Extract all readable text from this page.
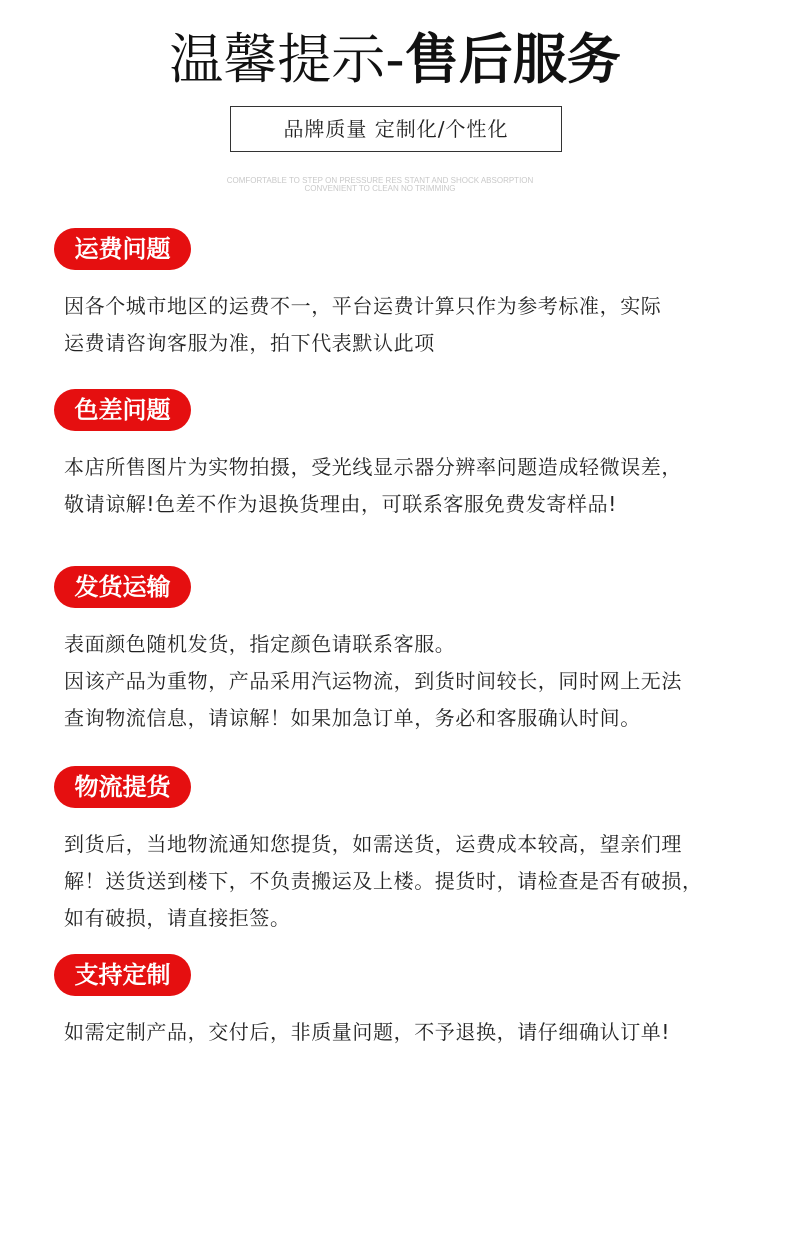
温馨提示-售后服务
品牌质量 定制化/个性化
COMFORTABLE TO STEP ON PRESSURE RES STANT AND SHOCK ABSORPTION
CONVENIENT TO CLEAN NO TRIMMING
运费问题
因各个城市地区的运费不一，平台运费计算只作为参考标准，实际
运费请咨询客服为准，拍下代表默认此项
色差问题
本店所售图片为实物拍摄，受光线显示器分辨率问题造成轻微误差，
敬请谅解!色差不作为退换货理由，可联系客服免费发寄样品!
发货运输
表面颜色随机发货，指定颜色请联系客服。
因该产品为重物，产品采用汽运物流，到货时间较长，同时网上无法
查询物流信息，请谅解！如果加急订单，务必和客服确认时间。
物流提货
到货后，当地物流通知您提货，如需送货，运费成本较高，望亲们理
解！送货送到楼下，不负责搬运及上楼。提货时，请检查是否有破损，
如有破损，请直接拒签。
支持定制
如需定制产品，交付后，非质量问题，不予退换，请仔细确认订单!
